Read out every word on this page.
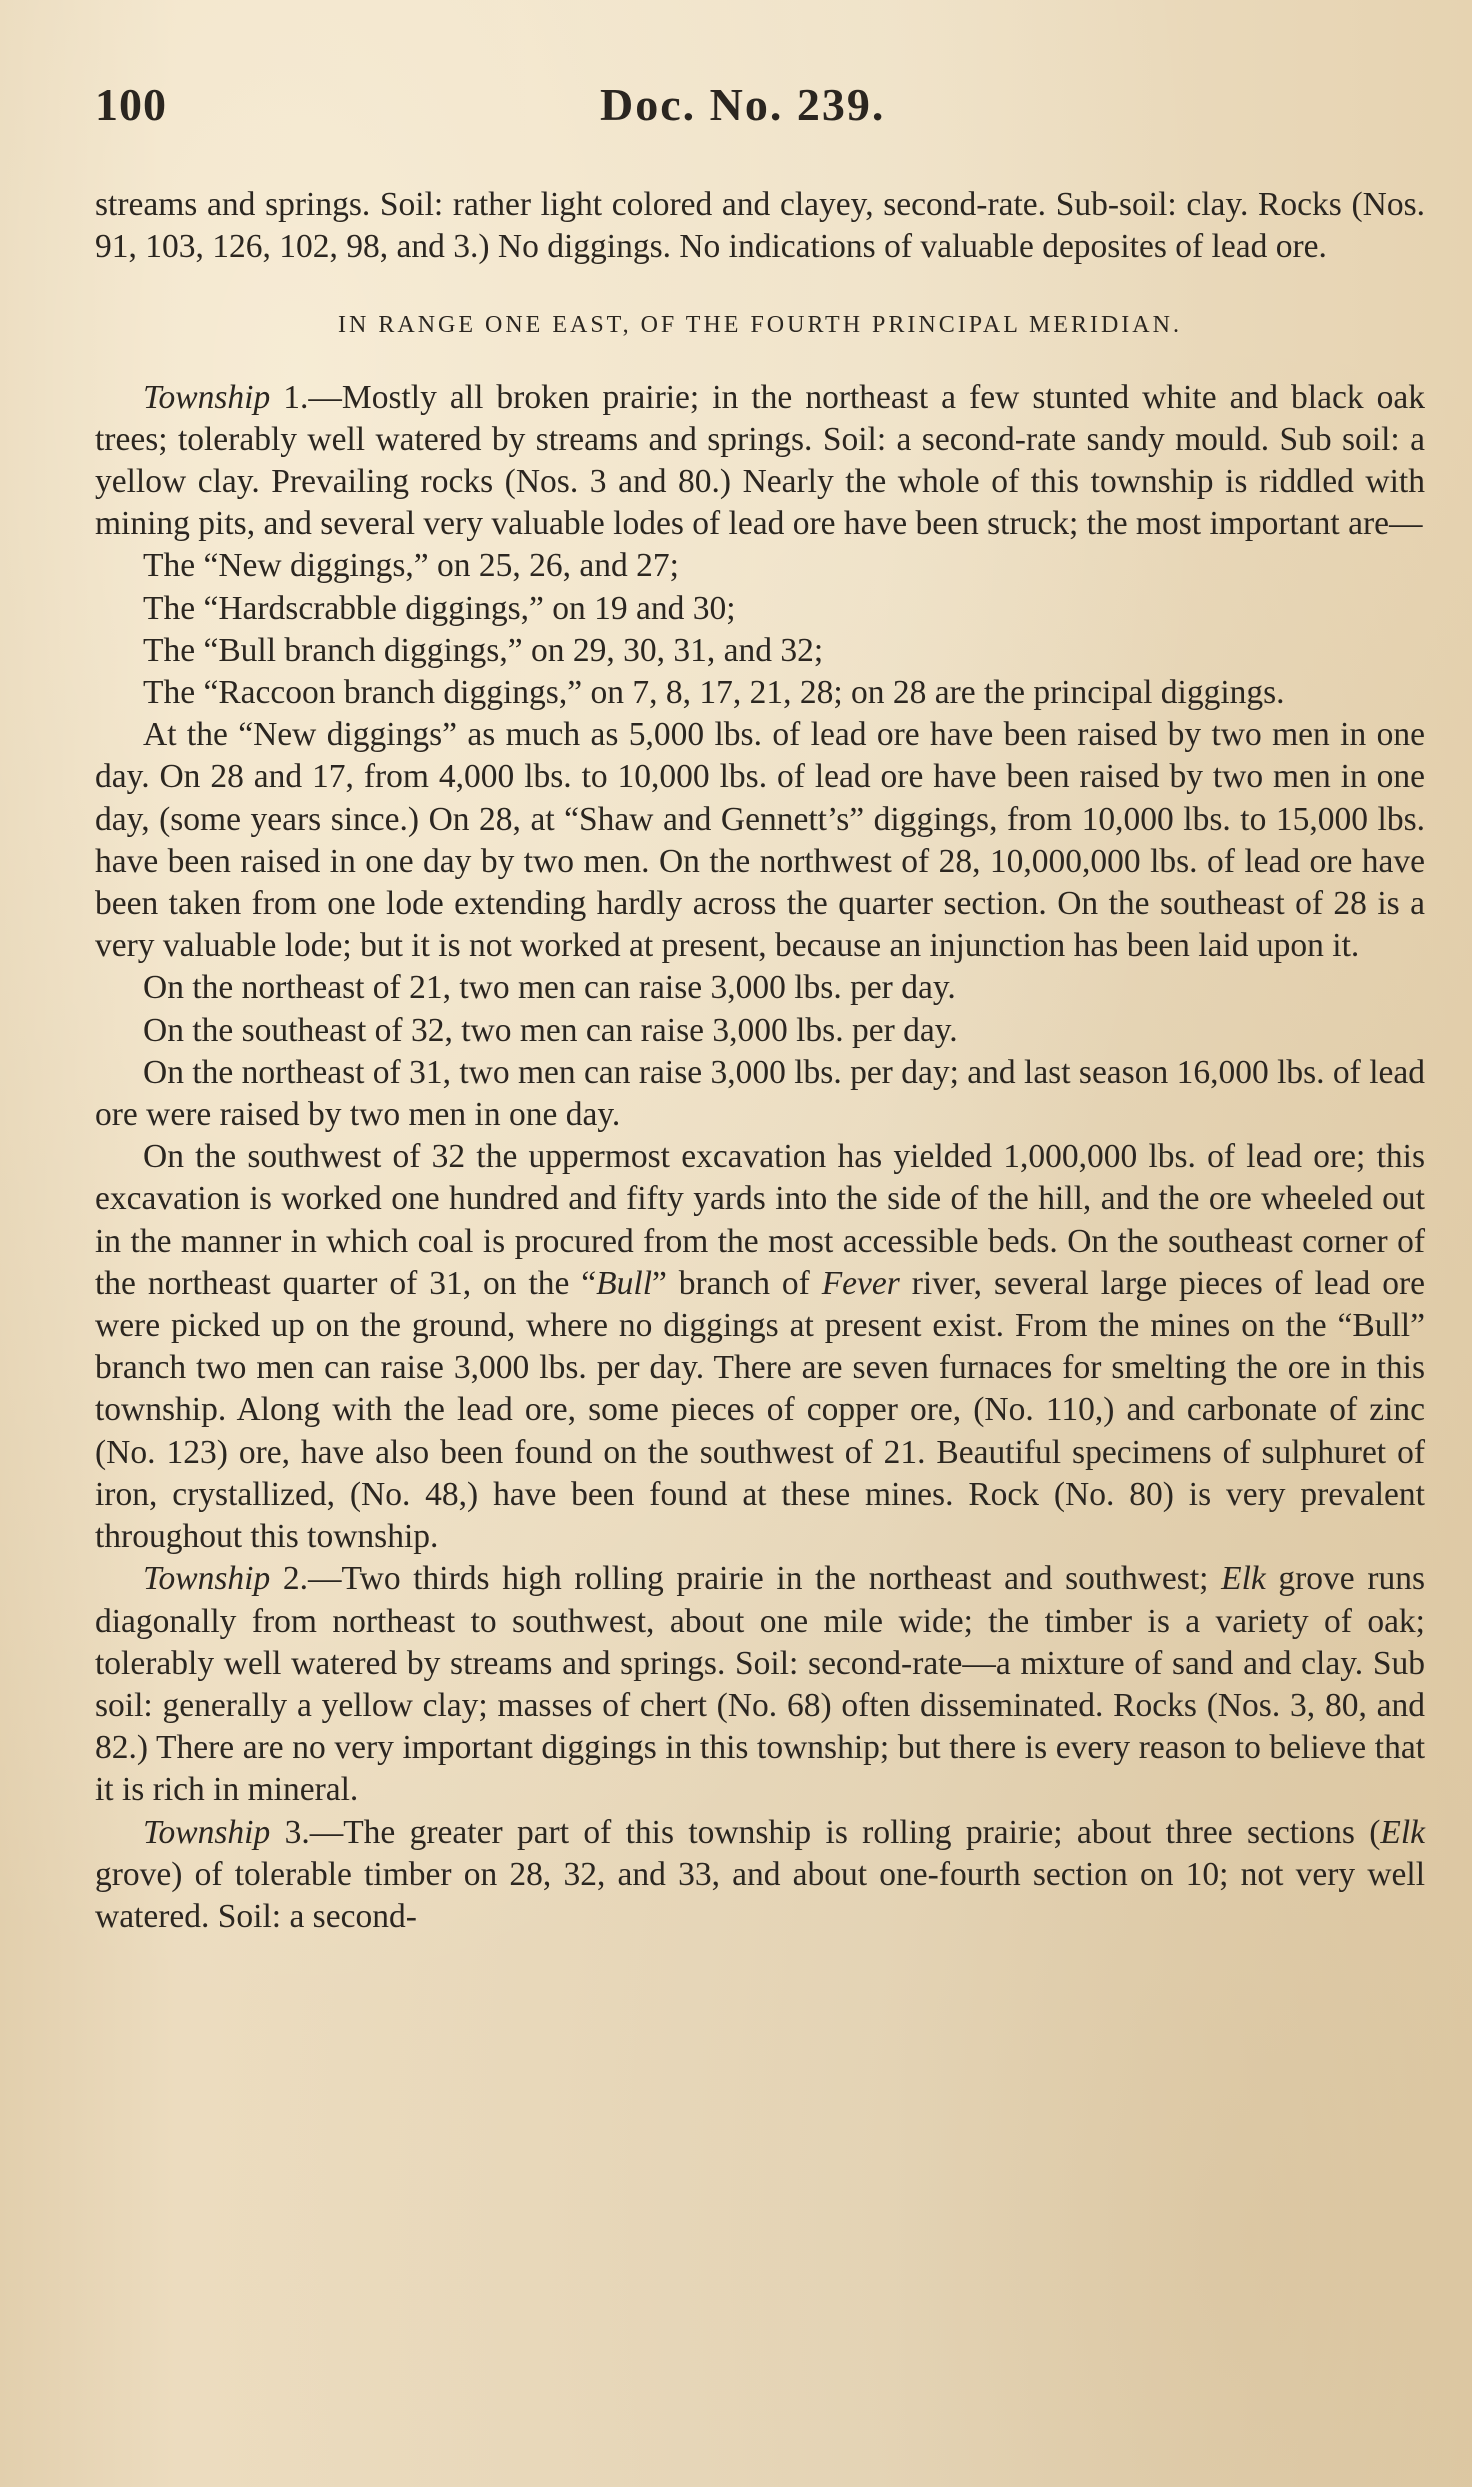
100	Doc. No. 239.

streams and springs. Soil: rather light colored and clayey, second-rate. Sub-soil: clay. Rocks (Nos. 91, 103, 126, 102, 98, and 3.) No diggings. No indications of valuable deposites of lead ore.

IN RANGE ONE EAST, OF THE FOURTH PRINCIPAL MERIDIAN.

Township 1.—Mostly all broken prairie; in the northeast a few stunted white and black oak trees; tolerably well watered by streams and springs. Soil: a second-rate sandy mould. Sub soil: a yellow clay. Prevailing rocks (Nos. 3 and 80.) Nearly the whole of this township is riddled with mining pits, and several very valuable lodes of lead ore have been struck; the most important are—

The “New diggings,” on 25, 26, and 27;

The “Hardscrabble diggings,” on 19 and 30;

The “Bull branch diggings,” on 29, 30, 31, and 32;

The “Raccoon branch diggings,” on 7, 8, 17, 21, 28; on 28 are the principal diggings.

At the “New diggings” as much as 5,000 lbs. of lead ore have been raised by two men in one day. On 28 and 17, from 4,000 lbs. to 10,000 lbs. of lead ore have been raised by two men in one day, (some years since.) On 28, at “Shaw and Gennett’s” diggings, from 10,000 lbs. to 15,000 lbs. have been raised in one day by two men. On the northwest of 28, 10,000,000 lbs. of lead ore have been taken from one lode extending hardly across the quarter section. On the southeast of 28 is a very valuable lode; but it is not worked at present, because an injunction has been laid upon it.

On the northeast of 21, two men can raise 3,000 lbs. per day.

On the southeast of 32, two men can raise 3,000 lbs. per day.

On the northeast of 31, two men can raise 3,000 lbs. per day; and last season 16,000 lbs. of lead ore were raised by two men in one day.

On the southwest of 32 the uppermost excavation has yielded 1,000,000 lbs. of lead ore; this excavation is worked one hundred and fifty yards into the side of the hill, and the ore wheeled out in the manner in which coal is procured from the most accessible beds. On the southeast corner of the northeast quarter of 31, on the “Bull” branch of Fever river, several large pieces of lead ore were picked up on the ground, where no diggings at present exist. From the mines on the “Bull” branch two men can raise 3,000 lbs. per day. There are seven furnaces for smelting the ore in this township. Along with the lead ore, some pieces of copper ore, (No. 110,) and carbonate of zinc (No. 123) ore, have also been found on the southwest of 21. Beautiful specimens of sulphuret of iron, crystallized, (No. 48,) have been found at these mines. Rock (No. 80) is very prevalent throughout this township.

Township 2.—Two thirds high rolling prairie in the northeast and southwest; Elk grove runs diagonally from northeast to southwest, about one mile wide; the timber is a variety of oak; tolerably well watered by streams and springs. Soil: second-rate—a mixture of sand and clay. Sub soil: generally a yellow clay; masses of chert (No. 68) often disseminated. Rocks (Nos. 3, 80, and 82.) There are no very important diggings in this township; but there is every reason to believe that it is rich in mineral.

Township 3.—The greater part of this township is rolling prairie; about three sections (Elk grove) of tolerable timber on 28, 32, and 33, and about one-fourth section on 10; not very well watered. Soil: a second-
